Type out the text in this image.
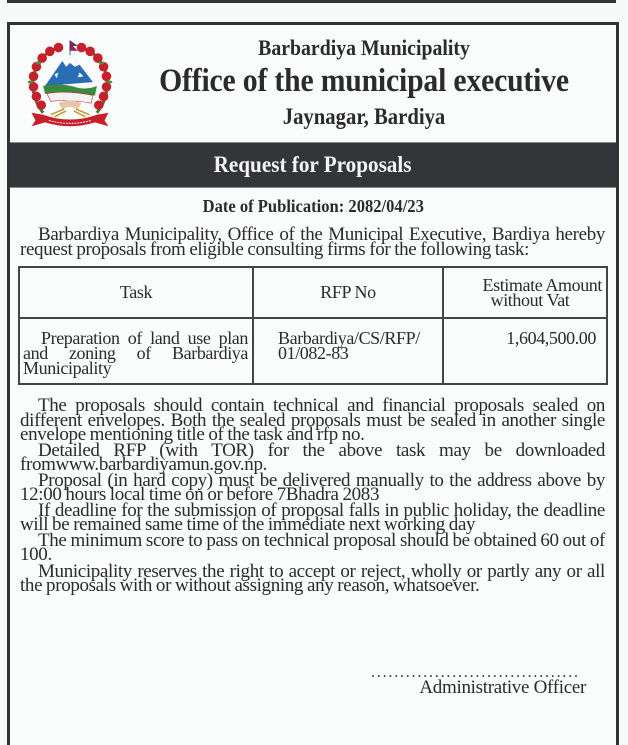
Barbardiya Municipality
Office of the municipal executive
Jaynagar, Bardiya
Request for Proposals
Date of Publication: 2082/04/23

Barbardiya Municipality, Office of the Municipal Executive, Bardiya hereby request proposals from eligible consulting firms for the following task:

Task	RFP No	Estimate Amount
without Vat

Preparation of land use plan and zoning of Barbardiya Municipality	Barbardiya/CS/RFP/
01/082-83	1,604,500.00

The proposals should contain technical and financial proposals sealed on different envelopes. Both the sealed proposals must be sealed in another single envelope mentioning title of the task and rfp no.

Detailed RFP (with TOR) for the above task may be downloaded fromwww.barbardiyamun.gov.np.

Proposal (in hard copy) must be delivered manually to the address above by 12:00 hours local time on or before 7Bhadra 2083

If deadline for the submission of proposal falls in public holiday, the deadline will be remained same time of the immediate next working day

The minimum score to pass on technical proposal should be obtained 60 out of 100.

Municipality reserves the right to accept or reject, wholly or partly any or all the proposals with or without assigning any reason, whatsoever.

....................................
Administrative Officer
